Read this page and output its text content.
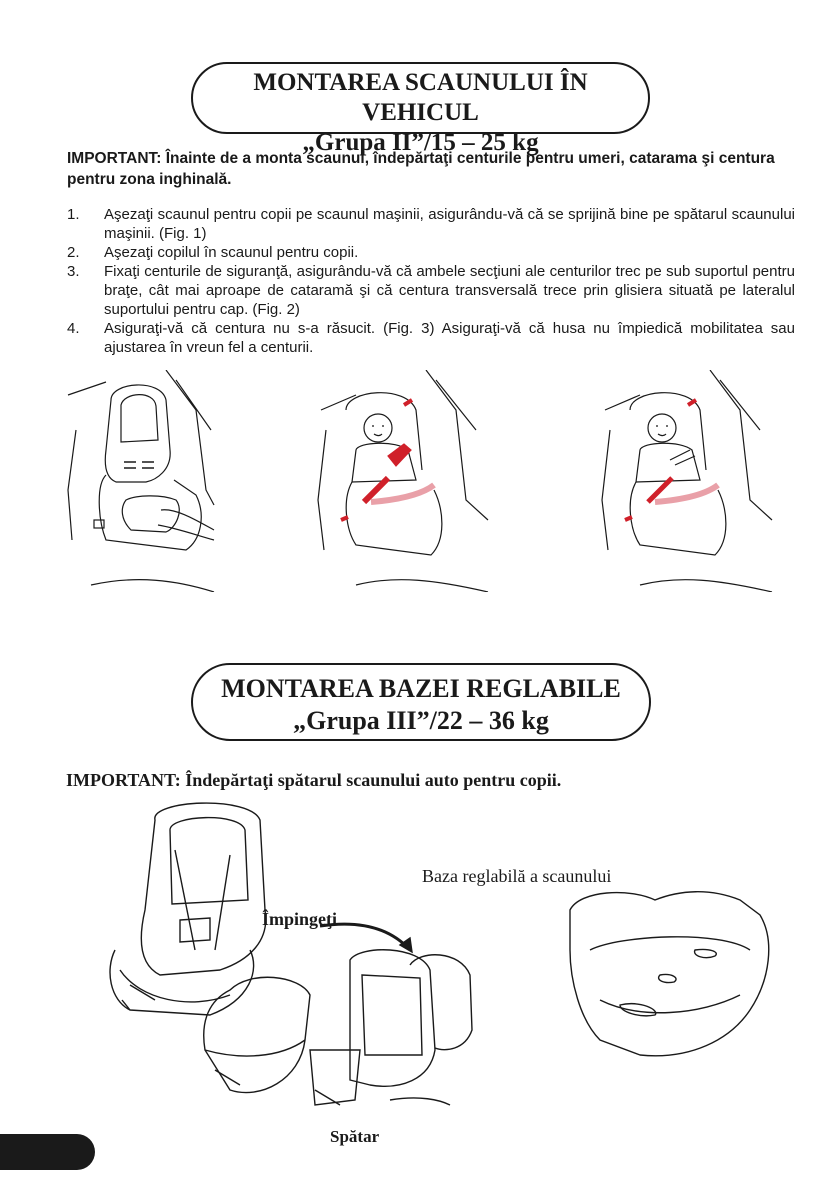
MONTAREA SCAUNULUI ÎN VEHICUL
„Grupa II”/15 – 25 kg
IMPORTANT: Înainte de a monta scaunul, îndepărtaţi centurile pentru umeri, catarama şi centura pentru zona inghinală.
1.	Aşezaţi scaunul pentru copii pe scaunul maşinii, asigurându-vă că se sprijină bine pe spătarul scaunului maşinii. (Fig. 1)
2.	Aşezaţi copilul în scaunul pentru copii.
3.	Fixaţi centurile de siguranţă, asigurându-vă că ambele secţiuni ale centurilor trec pe sub suportul pentru braţe, cât mai aproape de cataramă şi că centura transversală trece prin glisiera situată pe lateralul suportului pentru cap. (Fig. 2)
4.	Asiguraţi-vă că centura nu s-a răsucit. (Fig. 3) Asiguraţi-vă că husa nu împiedică mobilitatea sau ajustarea în vreun fel a centurii.
MONTAREA BAZEI REGLABILE
„Grupa III”/22 – 36 kg
IMPORTANT: Îndepărtaţi spătarul scaunului auto pentru copii.
Baza reglabilă a scaunului
Împingeţi
Spătar
